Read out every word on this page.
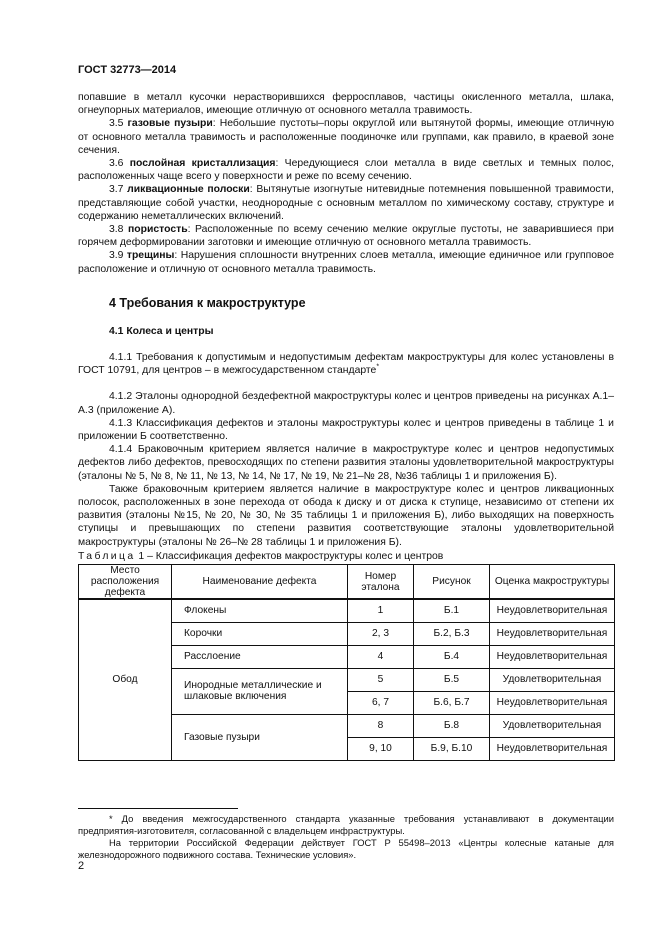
ГОСТ 32773—2014

попавшие в металл кусочки нерастворившихся ферросплавов, частицы окисленного металла, шлака, огнеупорных материалов, имеющие отличную от основного металла травимость.

3.5 газовые пузыри: Небольшие пустоты–поры округлой или вытянутой формы, имеющие отличную от основного металла травимость и расположенные поодиночке или группами, как правило, в краевой зоне сечения.

3.6 послойная кристаллизация: Чередующиеся слои металла в виде светлых и темных полос, расположенных чаще всего у поверхности и реже по всему сечению.

3.7 ликвационные полоски: Вытянутые изогнутые нитевидные потемнения повышенной травимости, представляющие собой участки, неоднородные с основным металлом по химическому составу, структуре и содержанию неметаллических включений.

3.8 пористость: Расположенные по всему сечению мелкие округлые пустоты, не заварившиеся при горячем деформировании заготовки и имеющие отличную от основного металла травимость.

3.9 трещины: Нарушения сплошности внутренних слоев металла, имеющие единичное или групповое расположение и отличную от основного металла травимость.

4 Требования к макроструктуре

4.1 Колеса и центры

4.1.1 Требования к допустимым и недопустимым дефектам макроструктуры для колес установлены в ГОСТ 10791, для центров – в межгосударственном стандарте*

4.1.2 Эталоны однородной бездефектной макроструктуры колес и центров приведены на рисунках А.1–А.3 (приложение А).

4.1.3 Классификация дефектов и эталоны макроструктуры колес и центров приведены в таблице 1 и приложении Б соответственно.

4.1.4 Браковочным критерием является наличие в макроструктуре колес и центров недопустимых дефектов либо дефектов, превосходящих по степени развития эталоны удовлетворительной макроструктуры (эталоны № 5, № 8, № 11, № 13, № 14, № 17, № 19, № 21–№ 28, №36 таблицы 1 и приложения Б).

Также браковочным критерием является наличие в макроструктуре колес и центров ликвационных полосок, расположенных в зоне перехода от обода к диску и от диска к ступице, независимо от степени их развития (эталоны №15, № 20, № 30, № 35 таблицы 1 и приложения Б), либо выходящих на поверхность ступицы и превышающих по степени развития соответствующие эталоны удовлетворительной макроструктуры (эталоны № 26–№ 28 таблицы 1 и приложения Б).

Таблица 1 – Классификация дефектов макроструктуры колес и центров
Место расположения дефекта	Наименование дефекта	Номер эталона	Рисунок	Оценка макроструктуры
Обод	Флокены	1	Б.1	Неудовлетворительная
	Корочки	2, 3	Б.2, Б.3	Неудовлетворительная
	Расслоение	4	Б.4	Неудовлетворительная
	Инородные металлические и шлаковые включения	5	Б.5	Удовлетворительная
		6, 7	Б.6, Б.7	Неудовлетворительная
	Газовые пузыри	8	Б.8	Удовлетворительная
		9, 10	Б.9, Б.10	Неудовлетворительная

* До введения межгосударственного стандарта указанные требования устанавливают в документации предприятия-изготовителя, согласованной с владельцем инфраструктуры.

На территории Российской Федерации действует ГОСТ Р 55498–2013 «Центры колесные катаные для железнодорожного подвижного состава. Технические условия».

2
